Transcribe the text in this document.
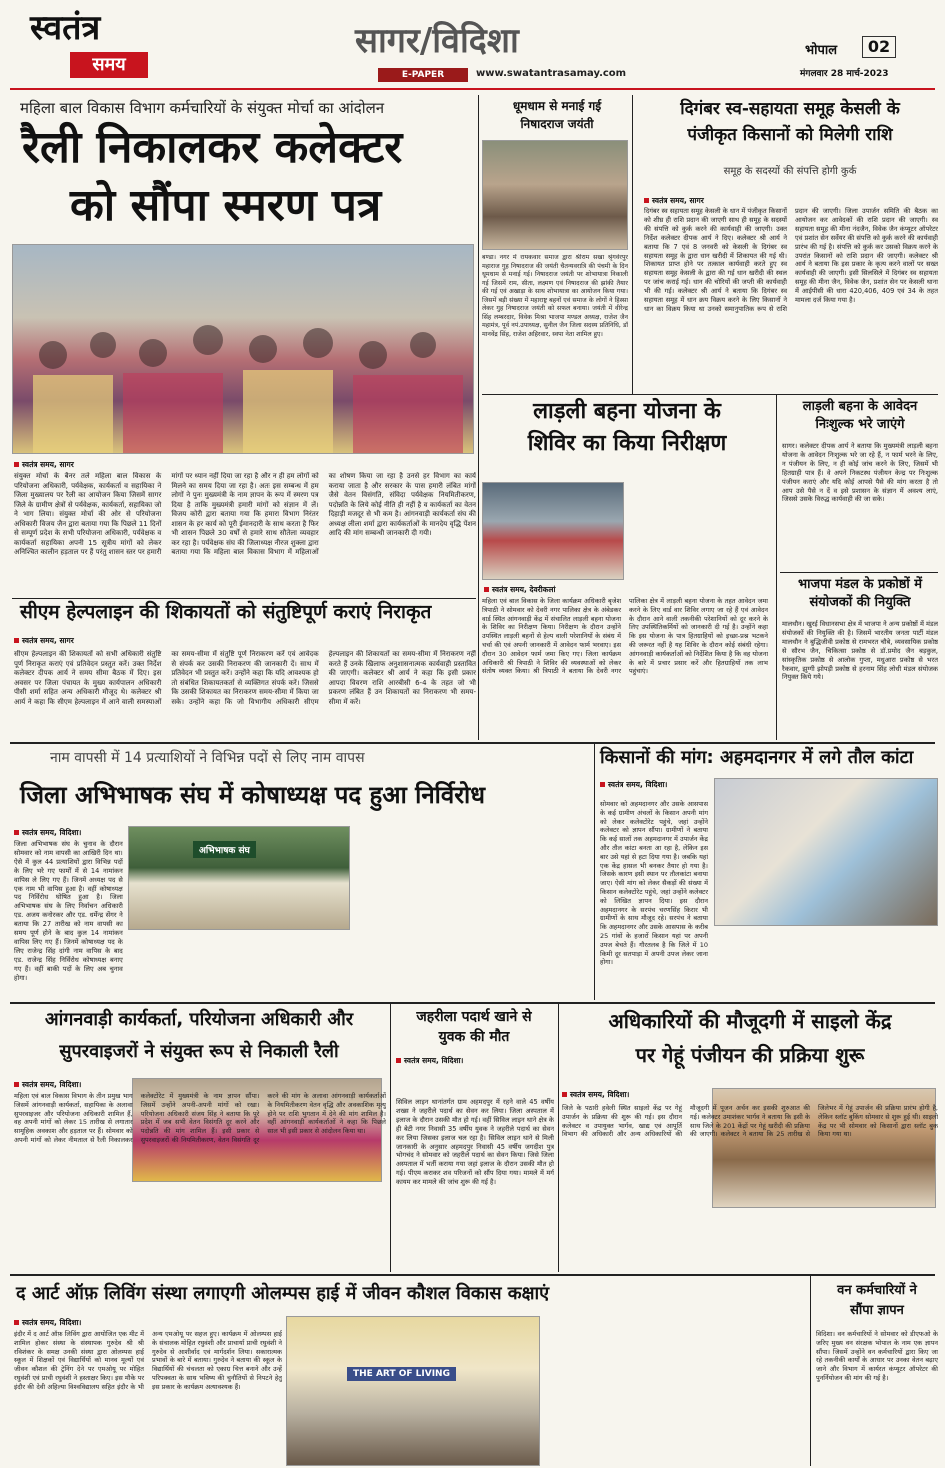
स्वतंत्र
समय
सागर/विदिशा
E-PAPER	www.swatantrasamay.com
भोपाल	02
मंगलवार 28 मार्च-2023
महिला बाल विकास विभाग कर्मचारियों के संयुक्त मोर्चा का आंदोलन
रैली निकालकर कलेक्टर
को सौंपा स्मरण पत्र
स्वतंत्र समय, सागर
संयुक्त मोर्चा के बैनर तले महिला बाल विकास के परियोजना अधिकारी, पर्यवेक्षक, कार्यकर्ता व सहायिका ने जिला मुख्यालय पर रैली का आयोजन किया जिसमें सागर जिले के ग्रामीण क्षेत्रों से पर्यवेक्षक, कार्यकर्ता, सहायिका जो ने भाग लिया। संयुक्त मोर्चा की ओर से परियोजना अधिकारी विजय जैन द्वारा बताया गया कि पिछले 11 दिनों से सम्पूर्ण प्रदेश के सभी परियोजना अधिकारी, पर्यवेक्षक व कार्यकर्ता सहायिका अपनी 15 सूत्रीय मांगों को लेकर अनिश्चित कालीन हड़ताल पर हैं परंतु शासन स्तर पर हमारी मांगों पर ध्यान नहीं दिया जा रहा है और न ही हम लोगों को मिलने का समय दिया जा रहा है। अतः इस सम्बन्ध में हम लोगों ने पुनः मुख्यमंत्री के नाम ज्ञापन के रूप में स्मरण पत्र दिया है ताकि मुख्यमंत्री हमारी मांगों को संज्ञान में लें। विजय कोरी द्वारा बताया गया कि हमारा विभाग निरंतर शासन के हर कार्य को पूरी ईमानदारी के साथ करता है फिर भी शासन पिछले 30 वर्षों से हमारे साथ सौतेला व्यवहार कर रहा है। पर्यवेक्षक संघ की जिलाध्यक्ष नीरज शुक्ला द्वारा बताया गया कि महिला बाल विकास विभाग में महिलाओं का शोषण किया जा रहा है उनसे हर विभाग का कार्य कराया जाता है और सरकार के पास हमारी लंबित मांगों जैसे वेतन विसंगति, संविदा पर्यवेक्षक नियमितीकरण, पदोन्नति के लिये कोई नीति ही नहीं है व कार्यकर्ता का वेतन दिहाड़ी मजदूर से भी कम है। आंगनवाड़ी कार्यकर्ता संघ की अध्यक्ष लीला शर्मा द्वारा कार्यकर्ताओं के मानदेय वृद्धि पेंशन आदि की मांग सम्बन्धी जानकारी दी गयी।
सीएम हेल्पलाइन की शिकायतों को संतुष्टिपूर्ण कराएं निराकृत
स्वतंत्र समय, सागर
सीएम हेल्पलाइन की शिकायतों को सभी अधिकारी संतुष्टि पूर्ण निराकृत कराएं एवं प्रतिवेदन प्रस्तुत करें। उक्त निर्देश कलेक्टर दीपक आर्य ने समय सीमा बैठक में दिए। इस अवसर पर जिला पंचायत के मुख्य कार्यपालन अधिकारी पीसी शर्मा सहित अन्य अधिकारी मौजूद थे। कलेक्टर श्री आर्य ने कहा कि सीएम हेल्पलाइन में आने वाली समस्याओं का समय-सीमा में संतुष्टि पूर्ण निराकरण करें एवं आवेदक से संपर्क कर उसकी निराकरण की जानकारी दें। साथ में प्रतिवेदन भी प्रस्तुत करें। उन्होंने कहा कि यदि आवश्यक हो तो संबंधित शिकायतकर्ता से व्यक्तिगत संपर्क करें। जिससे कि उसकी शिकायत का निराकरण समय-सीमा में किया जा सके। उन्होंने कहा कि जो विभागीय अधिकारी सीएम हेल्पलाइन की शिकायतों का समय-सीमा में निराकरण नहीं करते हैं उनके खिलाफ अनुशासनात्मक कार्यवाही प्रस्तावित की जाएगी। कलेक्टर श्री आर्य ने कहा कि इसी प्रकार आपदा विवरण राशि आरबीसी 6-4 के तहत जो भी प्रकरण लंबित हैं उन शिकायतों का निराकरण भी समय-सीमा में करें।
धूमधाम से मनाई गई
निषादराज जयंती
बण्डा। नगर में रायकवार समाज द्वारा श्रीराम सखा श्रृंगवेरपुर महाराज गुह निषादराज की जयंती चैतन्यवरात्रि की पंचमी के दिन धूमधाम से मनाई गई। निषादराज जयंती पर शोभायात्रा निकाली गई जिसमें राम, सीता, लक्ष्मण एवं निषादराज की झांकी तैयार की गई एवं अखाड़ा के साथ शोभायात्रा का आयोजन किया गया। जिसमें बड़ी संख्या में महाराष्ट्र बहनों एवं समाज के लोगों ने हिस्सा लेकर गुह निषादराज जयंती को सफल बनाया। जयंती में वीरेन्द्र सिंह लम्बरदार, विवेक मिश्रा भाजपा मण्डल अध्यक्ष, राजेश जैन महामंत्र, पूर्व नपं.उपाध्यक्ष, सुनील जैन जिला सदस्य प्रतिनिधि, डॉ मानवेंद्र सिंह, राजेश अहिरवार, स्वपा नेता शामिल हुए।
दिगंबर स्व-सहायता समूह केसली के
पंजीकृत किसानों को मिलेगी राशि
समूह के सदस्यों की संपत्ति होगी कुर्क
स्वतंत्र समय, सागर
दिगंबर स्व सहायता समूह केसली के धान में पंजीकृत किसानों को शीघ्र ही राशि प्रदान की जाएगी साथ ही समूह के सदस्यों की संपत्ति को कुर्क करने की कार्यवाही की जाएगी। उक्त निर्देश कलेक्टर दीपक आर्य ने दिए। कलेक्टर श्री आर्य ने बताया कि 7 एवं 8 जनवरी को केसली के दिगंबर स्व सहायता समूह के द्वारा धान खरीदी में शिकायत की गई थी। शिकायत प्राप्त होने पर तत्काल कार्यवाही करते हुए स्व सहायता समूह केसली के द्वारा की गई धान खरीदी की स्थल पर जांच कराई गई। धान की चोरियों की जप्ती की कार्यवाही भी की गई। कलेक्टर श्री आर्य ने बताया कि दिगंबर स्व सहायता समूह में धान क्रय विक्रय करने के लिए किसानों ने धान का विक्रय किया था उनको समानुपातिक रूप से राशि प्रदान की जाएगी। जिला उपार्जन समिति की बैठक का आयोजन कर आवेदकों की राशि प्रदान की जाएगी। स्व सहायता समूह की मीना नंदजैन, विवेक जैन कंप्यूटर ऑपरेटर एवं प्रशांत सेन सर्वेयर की संपत्ति को कुर्क करने की कार्यवाही प्रारंभ की गई है। संपत्ति को कुर्क कर उसको विक्रय करने के उपरांत किसानों को राशि प्रदान की जाएगी। कलेक्टर श्री आर्य ने बताया कि इस प्रकार के कृत्य करने वालों पर सख्त कार्यवाही की जाएगी। इसी सिलसिले में दिगंबर स्व सहायता समूह की मीना जैन, विवेक जैन, प्रशांत सेन पर केसली थाना में आईपीसी की धारा 420,406, 409 एवं 34 के तहत मामला दर्ज किया गया है।
लाड़ली बहना योजना के
शिविर का किया निरीक्षण
स्वतंत्र समय, देवरीकलां
महिला एवं बाल विकास के जिला कार्यक्रम अधिकारी बृजेश त्रिपाठी ने सोमवार को देवरी नगर पालिका क्षेत्र के अंबेडकर वार्ड स्थित आंगनवाड़ी केंद्र में संचालित लाड़ली बहना योजना के शिविर का निरीक्षण किया। निरीक्षण के दौरान उन्होंने उपस्थित लाड़ली बहनों से हेल्प वाली परेशानियों के संबंध में चर्चा की एवं अपनी जानकारी में आवेदन फार्म भरवाए। इस दौरान 30 आवेदन फार्म जमा किए गए। जिला कार्यक्रम अधिकारी श्री त्रिपाठी ने शिविर की व्यवस्थाओं को लेकर संतोष व्यक्त किया। श्री त्रिपाठी ने बताया कि देवरी नगर पालिका क्षेत्र में लाड़ली बहना योजना के तहत आवेदन जमा करने के लिए वार्ड वार शिविर लगाए जा रहे हैं एवं आवेदन के दौरान आने वाली तकनीकी परेशानियों को दूर करने के लिए उपस्थितिकर्मियों को जानकारी दी गई है। उन्होंने कहा कि इस योजना के पात्र हितग्राहियों को इच्छा-प्रश्न भटकने की जरूरत नहीं है यह शिविर के दौरान कोई संबंधी रहेगा। आंगनवाड़ी कार्यकर्ताओं को निर्देशित किया है कि वह योजना के बारे में प्रचार प्रसार करें और हितग्राहियों तक लाभ पहुंचाएं।
लाड़ली बहना के आवेदन
निःशुल्क भरे जाएंगे
सागर। कलेक्टर दीपक आर्य ने बताया कि मुख्यमंत्री लाड़ली बहना योजना के आवेदन निःशुल्क भरे जा रहे हैं, न फार्म भरने के लिए, न पंजीयन के लिए, न ही कोई जांच करने के लिए, जिसमें भी हितग्राही पात्र हैं। वे अपने निकटस्थ पंजीयन केन्द्र पर निःशुल्क पंजीयन कराएं और यदि कोई आपसे पैसे की मांग करता है तो आप उसे पैसे न दें व इसे प्रशासन के संज्ञान में अवश्य लाएं, जिससे उसके विरुद्ध कार्यवाही की जा सके।
भाजपा मंडल के प्रकोष्ठों में
संयोजकों की नियुक्ति
मालथौन। खुरई विधानसभा क्षेत्र में भाजपा ने अन्य प्रकोष्ठों में मंडल संयोजकों की नियुक्ति की है। जिसमें भारतीय जनता पार्टी मंडल मालथौन ने बुद्धिजीवी प्रकोष्ठ से रामभरत चौबे, व्यवसायिक प्रकोष्ठ से सौरभ जैन, चिकित्सा प्रकोष्ठ से डॉ.प्रमोद जैन बड़कुल, सांस्कृतिक प्रकोष्ठ से आलोक गुप्ता, मधुआरा प्रकोष्ठ से भरत रैकवार, झुग्गी झोपड़ी प्रकोष्ठ से हरनाम सिंह लोधी मंडल संयोजक नियुक्त किये गये।
नाम वापसी में 14 प्रत्याशियों ने विभिन्न पदों से लिए नाम वापस
जिला अभिभाषक संघ में कोषाध्यक्ष पद हुआ निर्विरोध
स्वतंत्र समय, विदिशा।
अभिभाषक संघ
जिला अभिभाषक संघ के चुनाव के दौरान सोमवार को नाम वापसी का आखिरी दिन था। ऐसे में कुल 44 प्रत्याशियों द्वारा विभिन्न पदों के लिए भरे गए फार्मों में से 14 नामांकन वापिस ले लिए गए हैं। जिनमें अध्यक्ष पद से एक नाम भी वापिस हुआ है। वहीं कोषाध्यक्ष पद निर्विरोध घोषित हुआ है। जिला अभिभाषक संघ के लिए निर्वाचन अधिकारी एड. अजय कनोरकर और एड. धर्मेन्द्र सेंगर ने बताया कि 27 तारीख को नाम वापसी का समय पूर्ण होने के बाद कुल 14 नामांकन वापिस लिए गए हैं। जिनमें कोषाध्यक्ष पद के लिए राजेन्द्र सिंह दांगी नाम वापिस के बाद एड. राजेन्द्र सिंह निर्विरोध कोषाध्यक्ष बनाए गए हैं। वहीं बाकी पदों के लिए अब चुनाव होगा।
किसानों की मांग: अहमदानगर में लगे तौल कांटा
स्वतंत्र समय, विदिशा।
सोमवार को अहमदानगर और उसके आसपास के कई ग्रामीण अंचलों के किसान अपनी मांग को लेकर कलेक्टोरेट पहुंचे, जहां उन्होंने कलेक्टर को ज्ञापन सौंपा। ग्रामीणों ने बताया कि कई सालों तक अहमदानगर में उपार्जन केंद्र और तौल कांटा बनता आ रहा है, लेकिन इस बार उसे यहां से हटा दिया गया है। जबकि यहां एक केंद्र हासल भी बनकर तैयार हो गया है। जिसके कारण इसी स्थान पर तौलकांटा बनाया जाए। ऐसी मांग को लेकर सैकड़ों की संख्या में किसान कलेक्टोरेट पहुंचे, जहां उन्होंने कलेक्टर को लिखित ज्ञापन दिया। इस दौरान अहमदानगर के सरपंच चरणसिंह किरार भी ग्रामीणों के साथ मौजूद रहे। सरपंच ने बताया कि अहमदानगर और उसके आसपास के करीब 25 गांवों के हजारों किसान यहां पर अपनी उपज बेचते हैं। गौरतलब है कि जिले में 10 किमी दूर सतपाड़ा में अपनी उपज लेकर जाना होगा।
आंगनवाड़ी कार्यकर्ता, परियोजना अधिकारी और
सुपरवाइजरों ने संयुक्त रूप से निकाली रैली
स्वतंत्र समय, विदिशा।
महिला एवं बाल विकास विभाग के तीन प्रमुख भाग जिसमें आंगनवाड़ी कार्यकर्ता, सहायिका के अलावा सुपरवाइजर और परियोजना अधिकारी शामिल हैं, वह अपनी मांगों को लेकर 15 तारीख से लगातार सामूहिक अवकाश और हड़ताल पर हैं। सोमवार को अपनी मांगों को लेकर नीमताल से रैली निकालकर कलेक्टोरेट में मुख्यमंत्री के नाम ज्ञापन सौंपा। जिसमें उन्होंने अपनी-अपनी मांगों को रखा। परियोजना अधिकारी संजय सिंह ने बताया कि पूरे प्रदेश में जब सभी वेतन विसंगति दूर करने और पदोन्नति की मांग शामिल हैं। इसी प्रकार से सुपरवाइजरों की नियमितीकरण, वेतन विसंगति दूर करने की मांग के अलावा आंगनवाड़ी कार्यकर्ताओं के नियमितीकरण वेतन वृद्धि और अवकाशिक मृत्यु होने पर राशि भुगतान में देने की मांग शामिल है। वहीं आंगनवाड़ी कार्यकर्ताओं ने कहा कि पिछले साल भी इसी प्रकार से आंदोलन किया था।
जहरीला पदार्थ खाने से
युवक की मौत
स्वतंत्र समय, विदिशा।
सिविल लाइन थानांतर्गत ग्राम अहमदपुर में रहने वाले 45 वर्षीय शख्स ने जहरीले पदार्थ का सेवन कर लिया। जिला अस्पताल में इलाज के दौरान उसकी मौत हो गई। वहीं सिविल लाइन थाने क्षेत्र के ही बेटी नगर निवासी 35 वर्षीय युवक ने जहरीले पदार्थ का सेवन कर लिया जिसका इलाज चल रहा है। सिविल लाइन थाने से मिली जानकारी के अनुसार अहमदपुर निवासी 45 वर्षीय जगदीश पुत्र भोगचंद ने सोमवार को जहरीले पदार्थ का सेवन किया। जिसे जिला अस्पताल में भर्ती कराया गया जहां इलाज के दौरान उसकी मौत हो गई। पीएम कराकर शव परिजनों को सौंप दिया गया। मामले में मर्ग कायम कर मामले की जांच शुरू की गई है।
अधिकारियों की मौजूदगी में साइलो केंद्र
पर गेहूं पंजीयन की प्रक्रिया शुरू
स्वतंत्र समय, विदिशा।
जिले के पठारी हवेली स्थित साइलो केंद्र पर गेहूं उपार्जन के प्रक्रिया की शुरू की गई। इस दौरान कलेक्टर व उपायुक्त भार्गव, खाद्य एवं आपूर्ति विभाग की अधिकारी और अन्य अधिकारियों की मौजूदगी में पूजन अर्चन कर इसकी शुरुआत की गई। कलेक्टर उमाशंकर भार्गव ने बताया कि इसी के साथ जिले के 201 केंद्रों पर गेहूं खरीदी की प्रक्रिया की जाएगी। कलेक्टर ने बताया कि 25 तारीख से जिलेभर में गेहूं उपार्जन की प्रक्रिया प्रारंभ होगी है, लेकिन स्लॉट बुकिंग सोमवार से शुरू हुई थी। साइलो केंद्र पर भी सोमवार को किसानों द्वारा स्लॉट बुक किया गया था।
द आर्ट ऑफ़ लिविंग संस्था लगाएगी ओलम्पस हाई में जीवन कौशल विकास कक्षाएं
स्वतंत्र समय, विदिशा।
THE ART OF LIVING
इंदौर में द आर्ट ऑफ़ लिविंग द्वारा आयोजित एक मीट में शामिल होकर संस्था के संस्थापक गुरुदेव श्री श्री रविशंकर के समक्ष उनकी संस्था द्वारा ओलम्पस हाई स्कूल में शिक्षकों एवं विद्यार्थियों को मानव मूल्यों एवं जीवन कौशल की ट्रेनिंग देने पर एमओयू पर मोहित रघुवंशी एवं प्राची रघुवंशी ने हस्ताक्षर किए। इस मौके पर इंदौर की देवी अहिल्या विश्वविद्यालय सहित इंदौर के भी अन्य एमओयू पर सहज हुए। कार्यक्रम में ओलम्पस हाई के संचालक मोहित रघुवंशी और प्राचार्या प्राची रघुवंशी ने गुरुदेव से आशीर्वाद एवं मार्गदर्शन लिया। सकारात्मक प्रभावों के बारे में बताया। गुरुदेव ने बताया की स्कूल के विद्यार्थियों की चंचलता को एकाग्र चित्त बनाने और उन्हें परिपक्वता के साथ भविष्य की चुनौतियों से निपटने हेतु इस प्रकार के कार्यक्रम अत्यावश्यक हैं।
वन कर्मचारियों ने
सौंपा ज्ञापन
विदिशा। वन कर्मचारियों ने सोमवार को डीएफओ के जरिए मुख्य वन संरक्षक भोपाल के नाम एक ज्ञापन सौंपा। जिसमें उन्होंने वन कर्मचारियों द्वारा किए जा रहे तकनीकी कार्यों के आधार पर उनका वेतन बढ़ाए जाने और विभाग में कार्यरत कंप्यूटर ऑपरेटर की पुनर्नियोजन की मांग की गई है।
